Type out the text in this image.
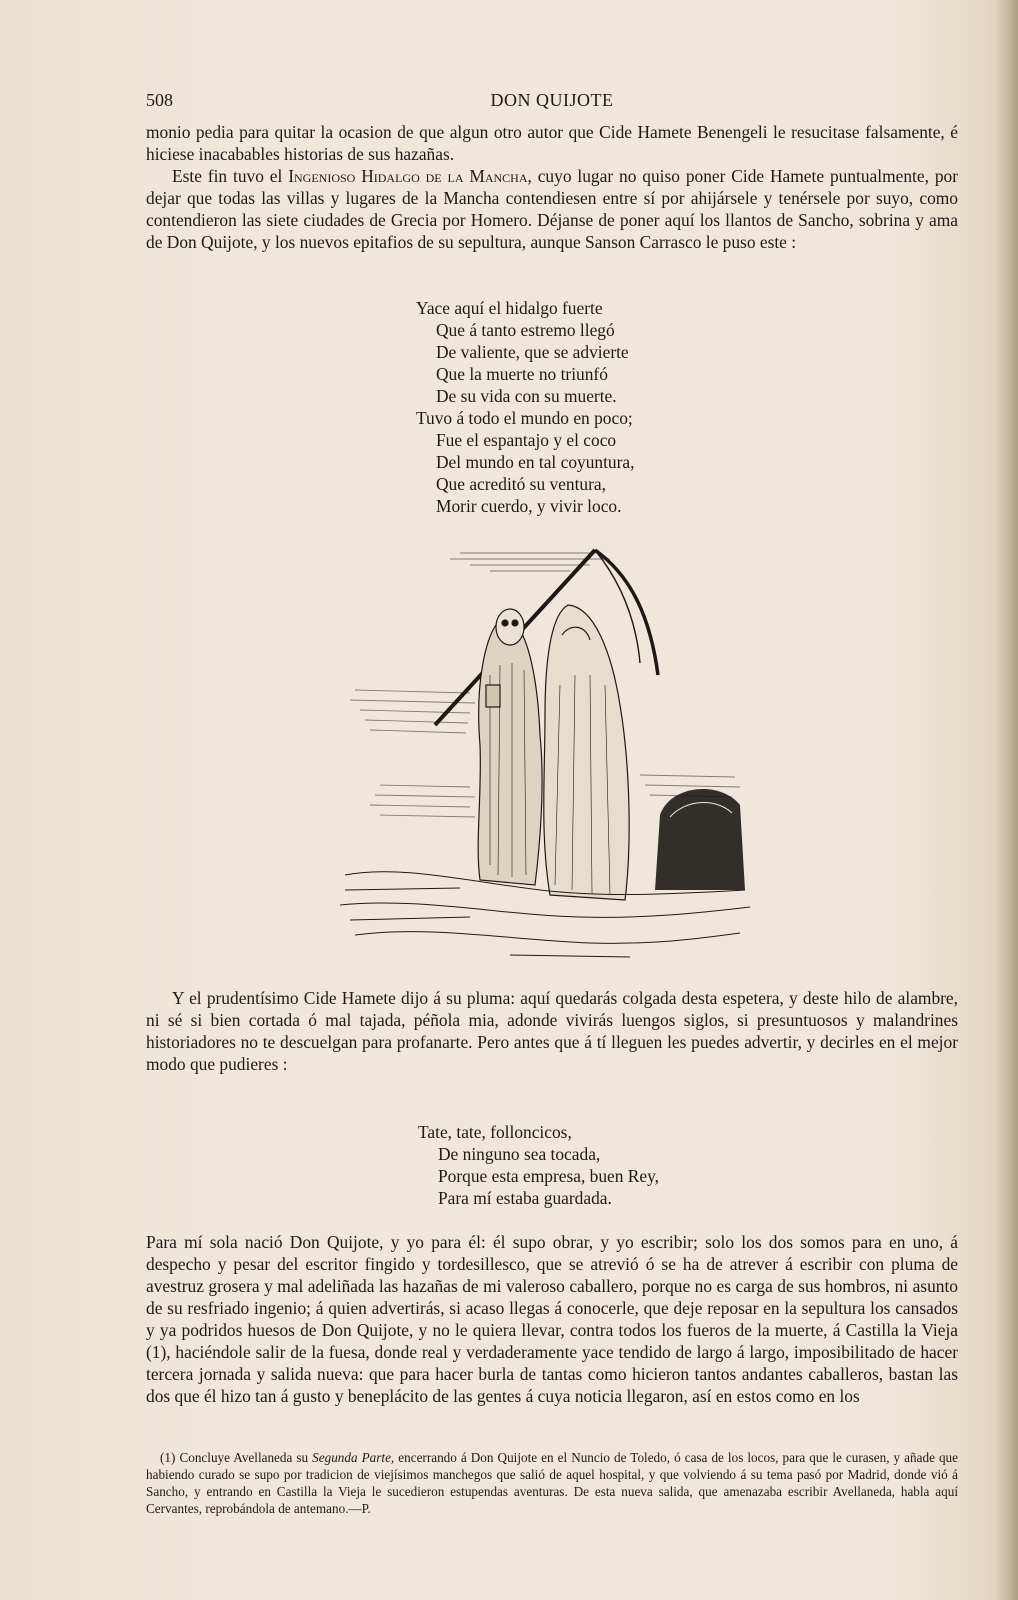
508	DON QUIJOTE

monio pedia para quitar la ocasion de que algun otro autor que Cide Hamete Benengeli le resucitase falsamente, é hiciese inacabables historias de sus hazañas.

Este fin tuvo el Ingenioso Hidalgo de la Mancha, cuyo lugar no quiso poner Cide Hamete puntualmente, por dejar que todas las villas y lugares de la Mancha contendiesen entre sí por ahijársele y tenérsele por suyo, como contendieron las siete ciudades de Grecia por Homero. Déjanse de poner aquí los llantos de Sancho, sobrina y ama de Don Quijote, y los nuevos epitafios de su sepultura, aunque Sanson Carrasco le puso este :

Yace aquí el hidalgo fuerte
Que á tanto estremo llegó
De valiente, que se advierte
Que la muerte no triunfó
De su vida con su muerte.
Tuvo á todo el mundo en poco;
Fue el espantajo y el coco
Del mundo en tal coyuntura,
Que acreditó su ventura,
Morir cuerdo, y vivir loco.

Y el prudentísimo Cide Hamete dijo á su pluma: aquí quedarás colgada desta espetera, y deste hilo de alambre, ni sé si bien cortada ó mal tajada, péñola mia, adonde vivirás luengos siglos, si presuntuosos y malandrines historiadores no te descuelgan para profanarte. Pero antes que á tí lleguen les puedes advertir, y decirles en el mejor modo que pudieres :

Tate, tate, folloncicos,
De ninguno sea tocada,
Porque esta empresa, buen Rey,
Para mí estaba guardada.

Para mí sola nació Don Quijote, y yo para él: él supo obrar, y yo escribir; solo los dos somos para en uno, á despecho y pesar del escritor fingido y tordesillesco, que se atrevió ó se ha de atrever á escribir con pluma de avestruz grosera y mal adeliñada las hazañas de mi valeroso caballero, porque no es carga de sus hombros, ni asunto de su resfriado ingenio; á quien advertirás, si acaso llegas á conocerle, que deje reposar en la sepultura los cansados y ya podridos huesos de Don Quijote, y no le quiera llevar, contra todos los fueros de la muerte, á Castilla la Vieja (1), haciéndole salir de la fuesa, donde real y verdaderamente yace tendido de largo á largo, imposibilitado de hacer tercera jornada y salida nueva: que para hacer burla de tantas como hicieron tantos andantes caballeros, bastan las dos que él hizo tan á gusto y beneplácito de las gentes á cuya noticia llegaron, así en estos como en los

(1) Concluye Avellaneda su Segunda Parte, encerrando á Don Quijote en el Nuncio de Toledo, ó casa de los locos, para que le curasen, y añade que habiendo curado se supo por tradicion de viejísimos manchegos que salió de aquel hospital, y que volviendo á su tema pasó por Madrid, donde vió á Sancho, y entrando en Castilla la Vieja le sucedieron estupendas aventuras. De esta nueva salida, que amenazaba escribir Avellaneda, habla aquí Cervantes, reprobándola de antemano.—P.
